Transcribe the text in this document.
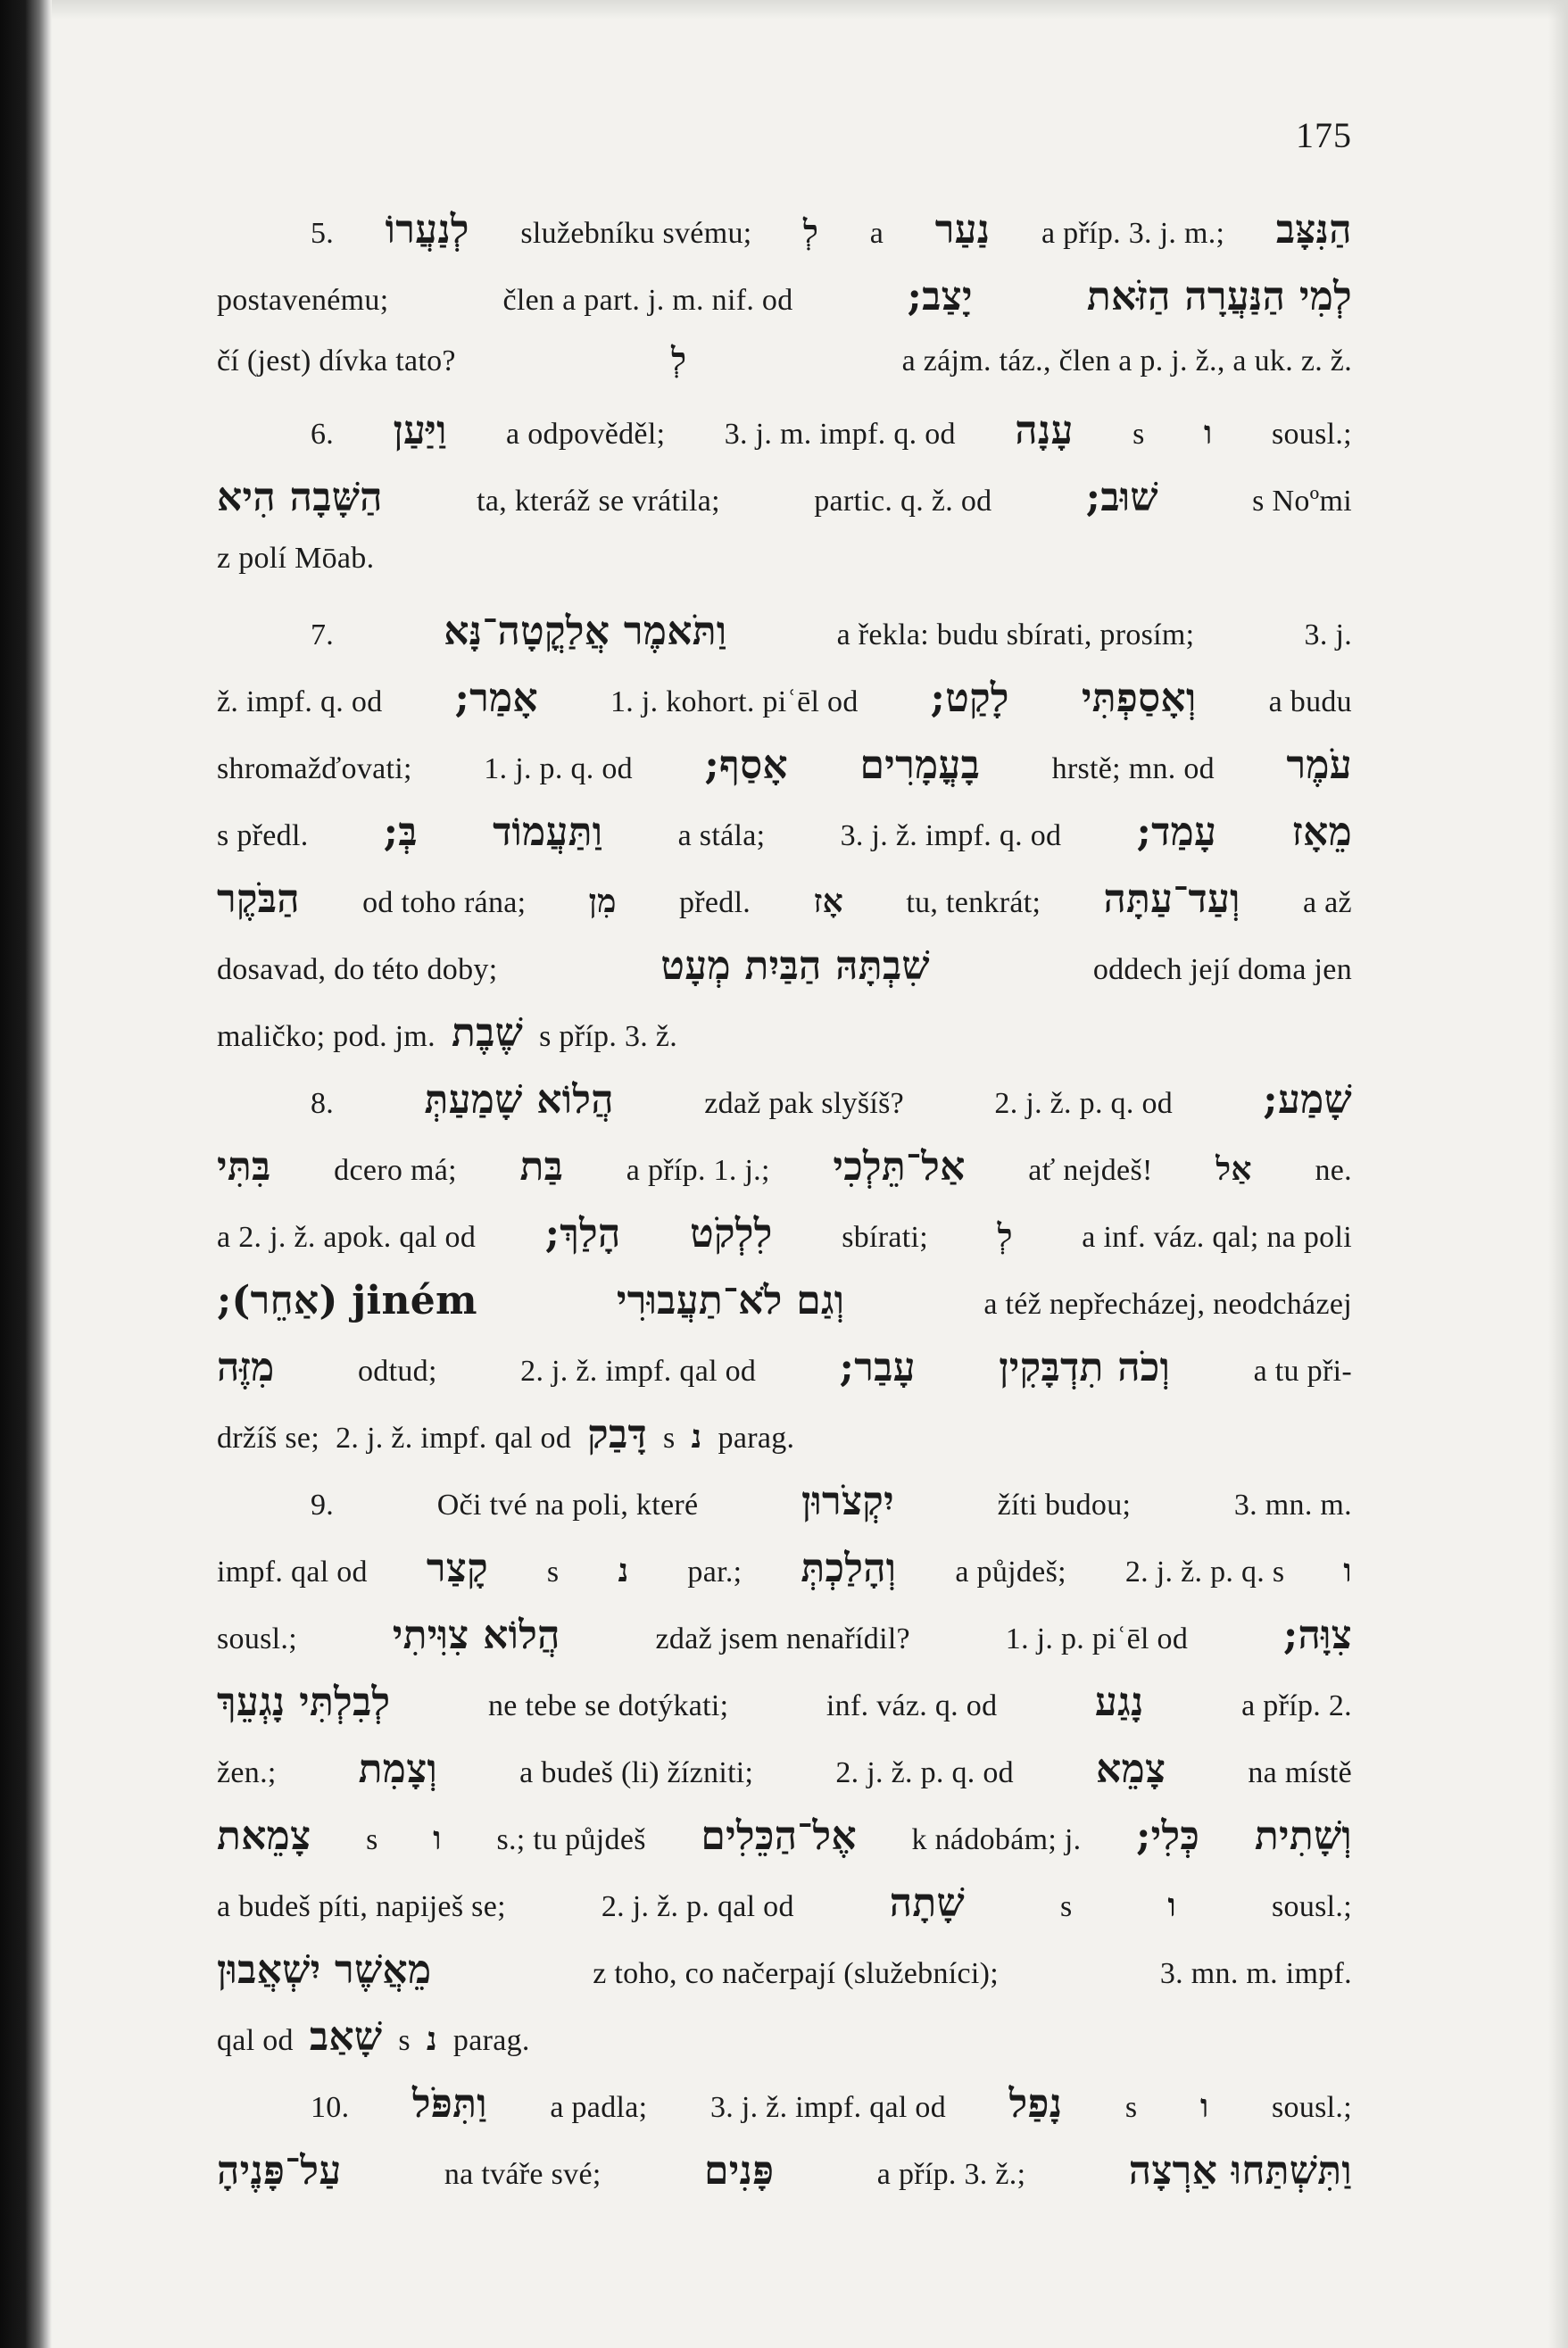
175
5. לְנַעֲרוֹ služebníku svému; לְ a נַעַר a příp. 3. j. m.; הַנִּצָּב
postavenému;	člen a part. j. m. nif. od	יָצַב;	לְמִי הַנַּעֲרָה הַזֹּאת
čí (jest) dívka tato?	לְ	a zájm. táz., člen a p. j. ž., a uk. z. ž.
6. וַיַּעַן a odpověděl; 3. j. m. impf. q. od עָנָה s ו sousl.;
הַשָּׁבָה הִיא	ta, kteráž se vrátila;	partic. q. ž. od שׁוּב;	s Noºmi
z polí Mōab.
7.	וַתֹּאמֶר אֲלַקֳטָה־נָּא	a řekla: budu sbírati, prosím;	3. j.
ž. impf. q. od אָמַר; 1. j. kohort. piʿēl od לָקַט; וְאָסַפְתִּי a budu
shromažďovati; 1. j. p. q. od אָסַף; בָעֳמָרִים hrstě; mn. od עֹמֶר
s předl. בְּ; וַתַּעֲמוֹד a stála; 3. j. ž. impf. q. od עָמַד; מֵאָז
הַבֹּקֶר od toho rána; מִן předl. אָז tu, tenkrát; וְעַד־עַתָּה a až
dosavad, do této doby;	שִׁבְתָּהּ הַבַּיִת מְעָט	oddech její doma jen
maličko; pod. jm. שֶׁבֶת s příp. 3. ž.
8. הֲלוֹא שָׁמַעַתְּ	zdaž pak slyšíš?	2. j. ž. p. q. od שָׁמַע;
בִּתִּי dcero má; בַּת a příp. 1. j.; אַל־תֵּלְכִי ať nejdeš! אַל ne.
a 2. j. ž. apok. qal od הָלַךְ; לִלְקֹט sbírati; לְ a inf. váz. qal; na poli
jiném (אַחֵר);	וְגַם לֹא־תַעֲבוּרִי	a též nepřecházej, neodcházej
מִזֶּה	odtud;	2. j. ž. impf. qal od עָבַר; וְכֹה תִדְבָּקִין	a tu při-
držíš se; 2. j. ž. impf. qal od דָּבַק s נ parag.
9.	Oči tvé na poli, které	יִקְצֹרוּן	žíti budou;	3. mn. m.
impf. qal od קָצַר s נ par.; וְהָלַכְתְּ a půjdeš; 2. j. ž. p. q. s ו
sousl.; הֲלוֹא צִוִּיתִי	zdaž jsem nenařídil?	1. j. p. piʿēl od צִוָּה;
לְבִלְתִּי נָגְעֵךְ	ne tebe se dotýkati;	inf. váz. q. od נָגַע	a příp. 2.
žen.; וְצָמִת	a budeš (li) žízniti;	2. j. ž. p. q. od צָמֵא	na místě
צָמֵאת s ו s.; tu půjdeš אֶל־הַכֵּלִים k nádobám; j. כְּלִי; וְשָׁתִית
a budeš píti, napiješ se;	2. j. ž. p. qal od שָׁתָה	s	ו	sousl.;
מֵאֲשֶׁר יִשְׁאֲבוּן	z toho, co načerpají (služebníci);	3. mn. m. impf.
qal od שָׁאַב s נ parag.
10. וַתִּפֹּל a padla; 3. j. ž. impf. qal od נָפַל s ו sousl.;
עַל־פָּנֶיהָ	na tváře své;	פָּנִים	a příp. 3. ž.;	וַתִּשְׁתַּחוּ אַרְצָה
